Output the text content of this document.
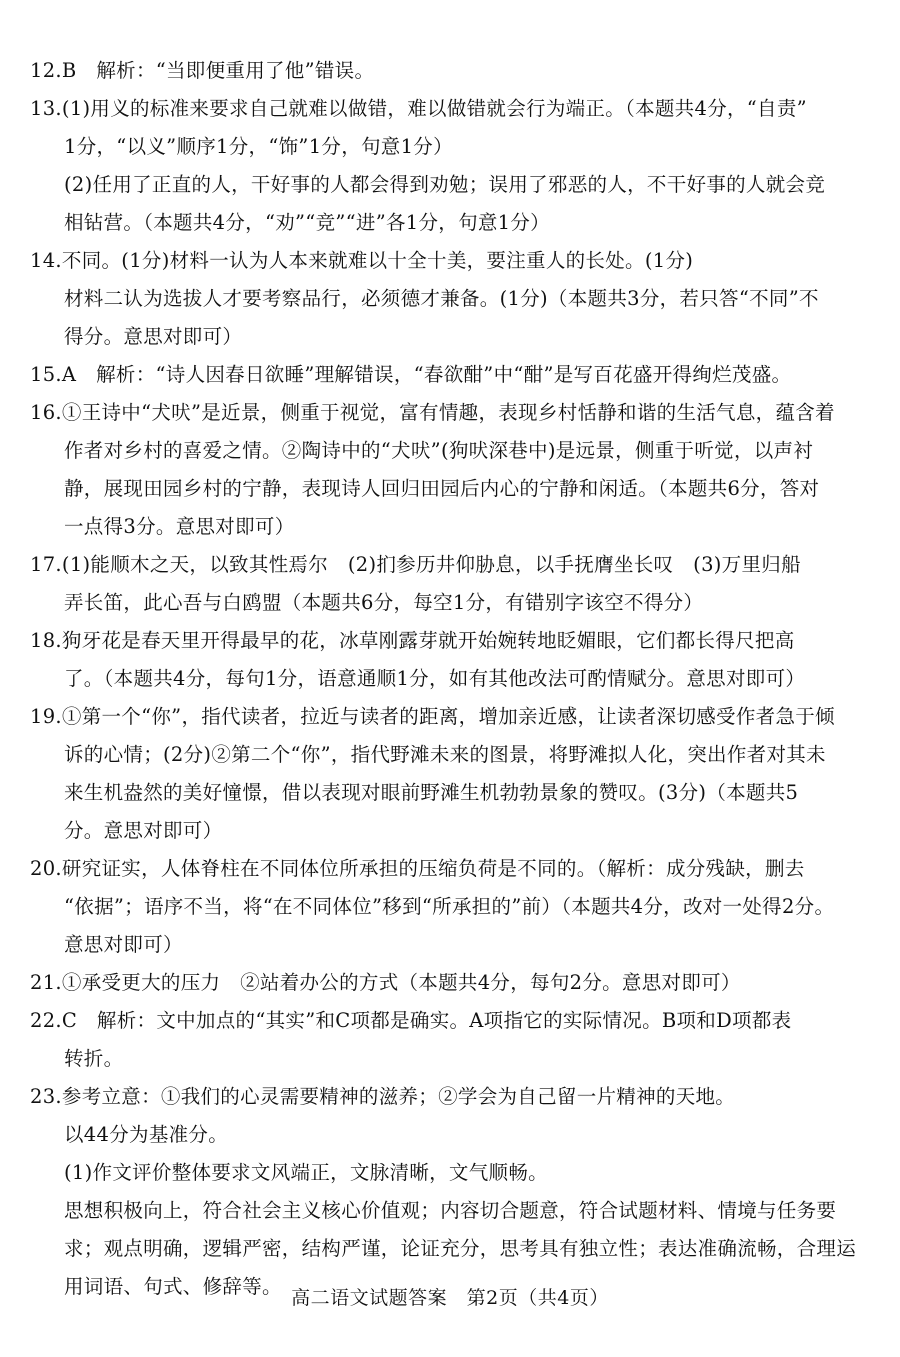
12.B　解析：“当即便重用了他”错误。
13.(1)用义的标准来要求自己就难以做错，难以做错就会行为端正。（本题共4分，“自责”
1分，“以义”顺序1分，“饰”1分，句意1分）
(2)任用了正直的人，干好事的人都会得到劝勉；误用了邪恶的人，不干好事的人就会竞
相钻营。（本题共4分，“劝”“竞”“进”各1分，句意1分）
14.不同。(1分)材料一认为人本来就难以十全十美，要注重人的长处。(1分)
材料二认为选拔人才要考察品行，必须德才兼备。(1分)（本题共3分，若只答“不同”不
得分。意思对即可）
15.A　解析：“诗人因春日欲睡”理解错误，“春欲酣”中“酣”是写百花盛开得绚烂茂盛。
16.①王诗中“犬吠”是近景，侧重于视觉，富有情趣，表现乡村恬静和谐的生活气息，蕴含着
作者对乡村的喜爱之情。②陶诗中的“犬吠”(狗吠深巷中)是远景，侧重于听觉，以声衬
静，展现田园乡村的宁静，表现诗人回归田园后内心的宁静和闲适。（本题共6分，答对
一点得3分。意思对即可）
17.(1)能顺木之天，以致其性焉尔　(2)扪参历井仰胁息，以手抚膺坐长叹　(3)万里归船
弄长笛，此心吾与白鸥盟（本题共6分，每空1分，有错别字该空不得分）
18.狗牙花是春天里开得最早的花，冰草刚露芽就开始婉转地眨媚眼，它们都长得尺把高
了。（本题共4分，每句1分，语意通顺1分，如有其他改法可酌情赋分。意思对即可）
19.①第一个“你”，指代读者，拉近与读者的距离，增加亲近感，让读者深切感受作者急于倾
诉的心情；(2分)②第二个“你”，指代野滩未来的图景，将野滩拟人化，突出作者对其未
来生机盎然的美好憧憬，借以表现对眼前野滩生机勃勃景象的赞叹。(3分)（本题共5
分。意思对即可）
20.研究证实，人体脊柱在不同体位所承担的压缩负荷是不同的。（解析：成分残缺，删去
“依据”；语序不当，将“在不同体位”移到“所承担的”前）（本题共4分，改对一处得2分。
意思对即可）
21.①承受更大的压力　②站着办公的方式（本题共4分，每句2分。意思对即可）
22.C　解析：文中加点的“其实”和C项都是确实。A项指它的实际情况。B项和D项都表
转折。
23.参考立意：①我们的心灵需要精神的滋养；②学会为自己留一片精神的天地。
以44分为基准分。
(1)作文评价整体要求文风端正，文脉清晰，文气顺畅。
思想积极向上，符合社会主义核心价值观；内容切合题意，符合试题材料、情境与任务要
求；观点明确，逻辑严密，结构严谨，论证充分，思考具有独立性；表达准确流畅，合理运
用词语、句式、修辞等。 高二语文试题答案　第2页（共4页）
